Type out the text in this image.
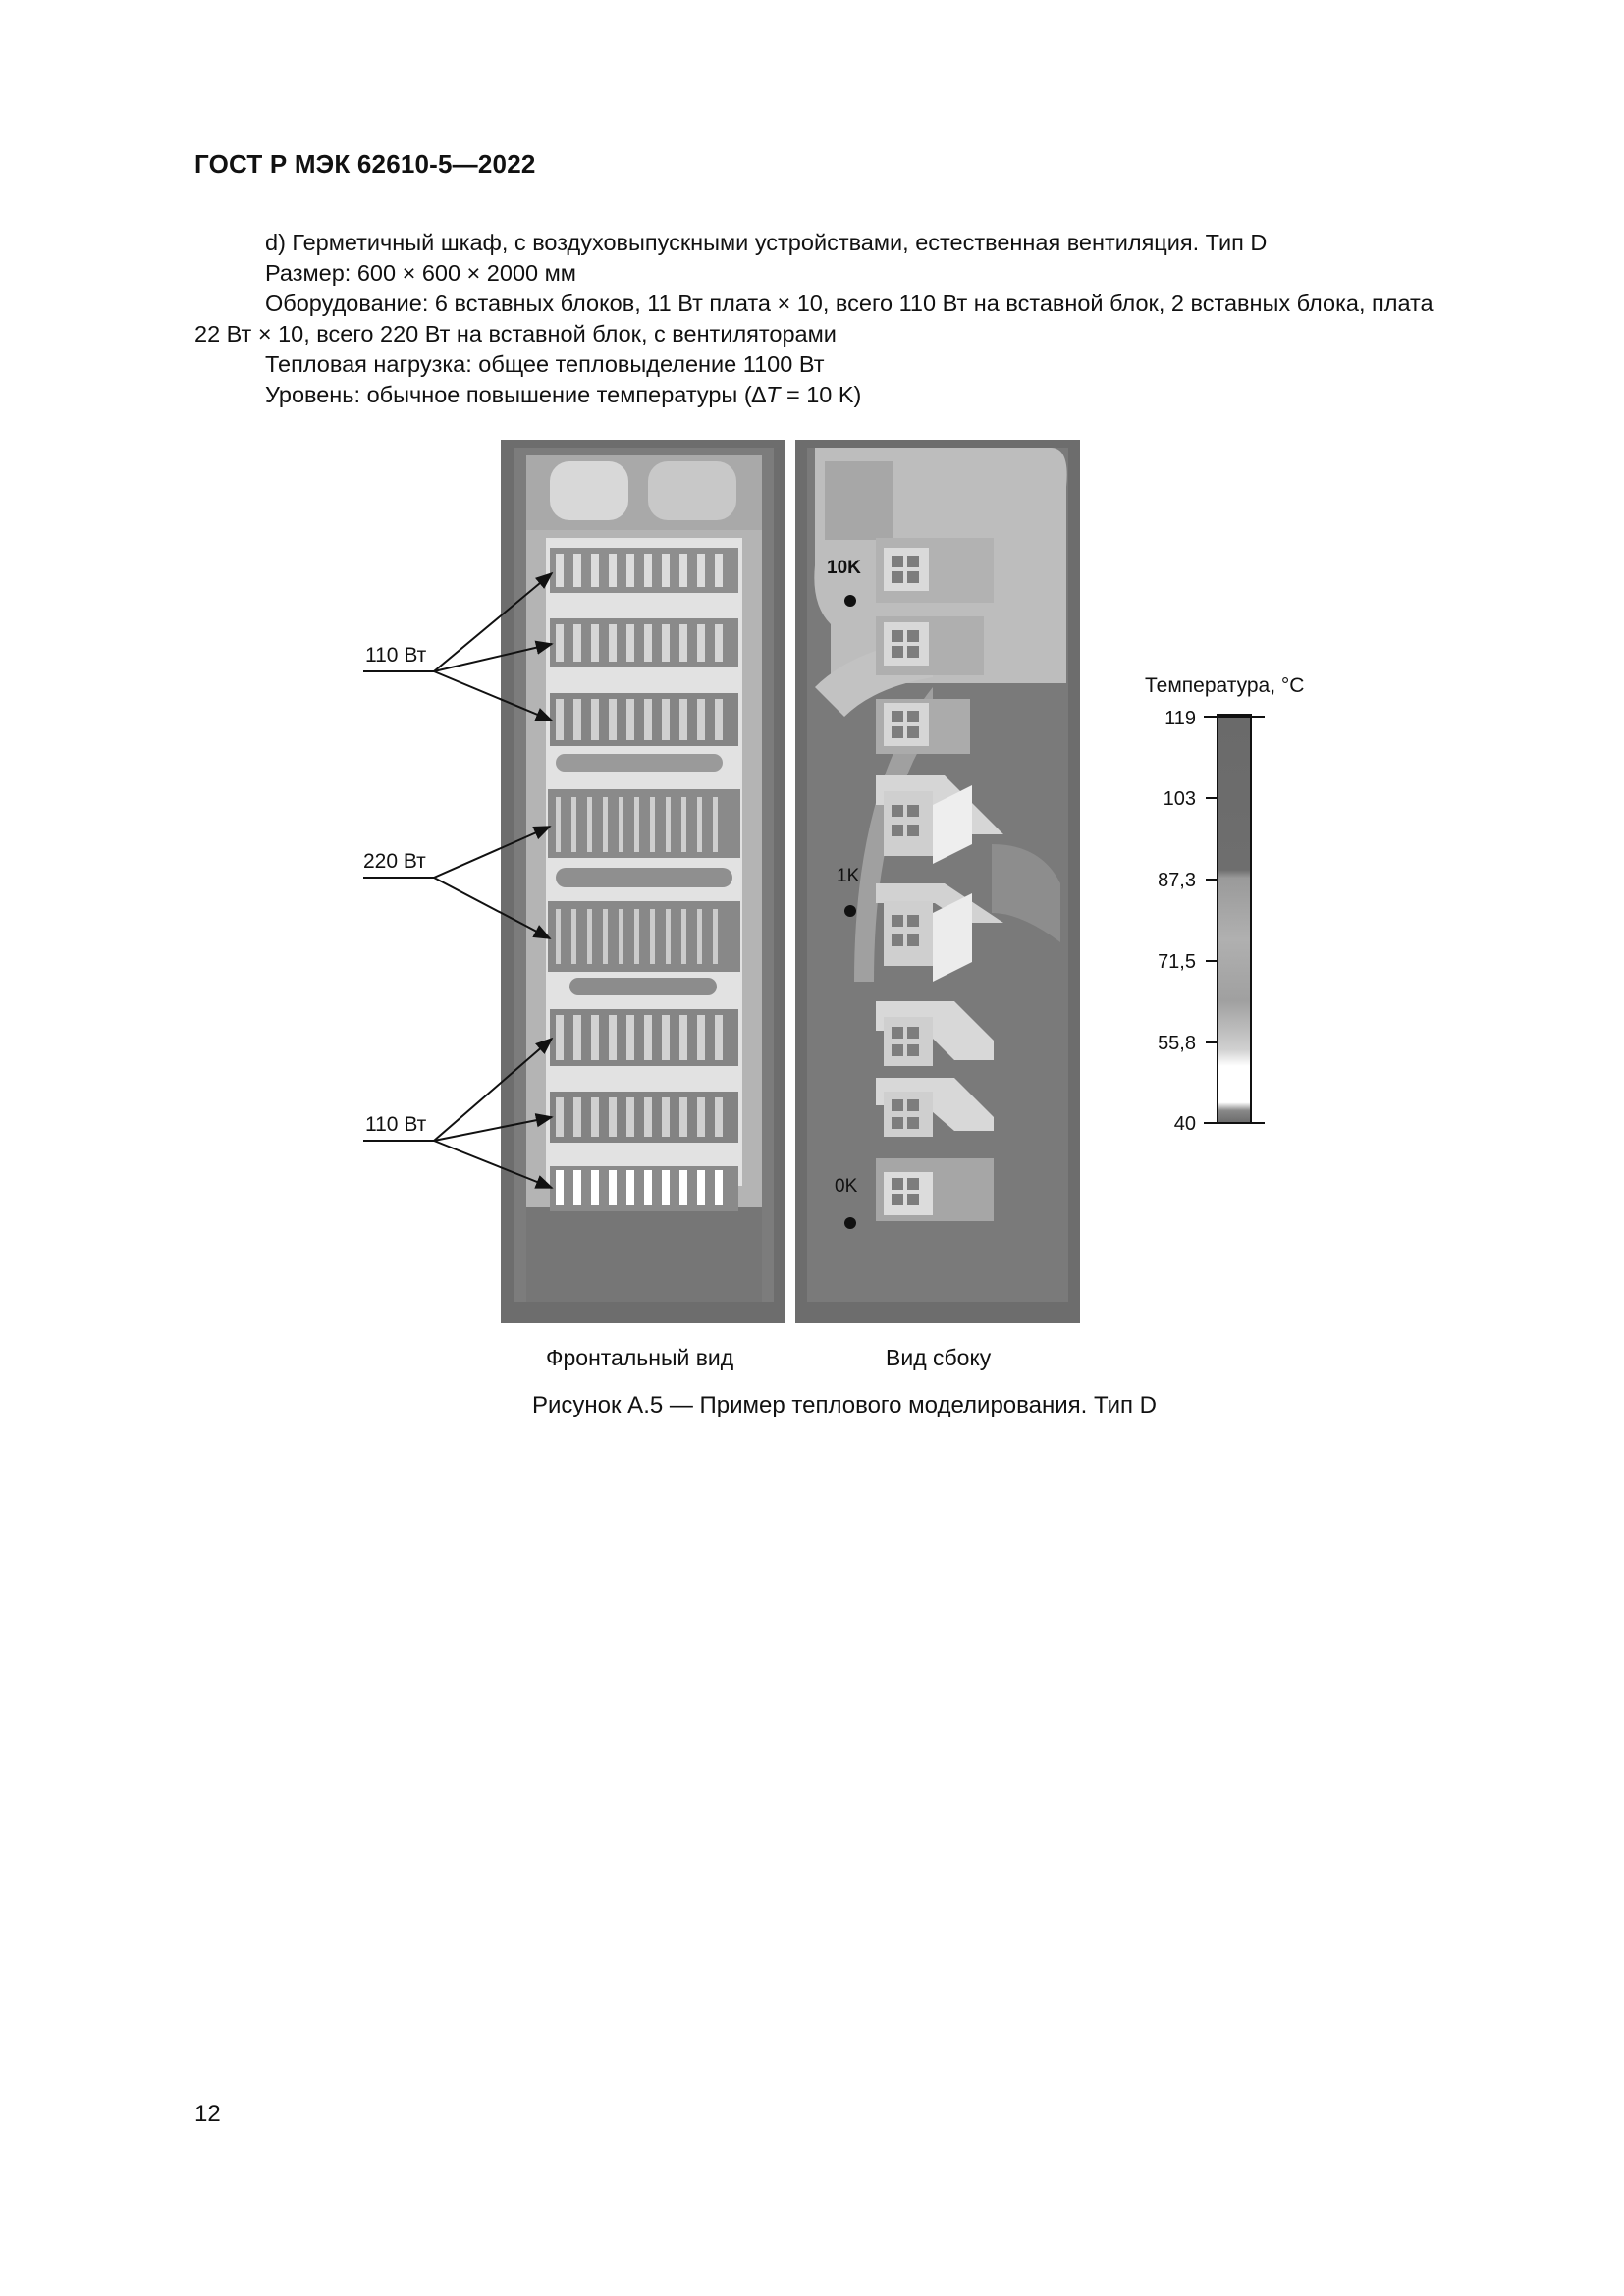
ГОСТ Р МЭК 62610-5—2022
d) Герметичный шкаф, с воздуховыпускными устройствами, естественная вентиляция. Тип D
Размер: 600 × 600 × 2000 мм
Оборудование: 6 вставных блоков, 11 Вт плата × 10, всего 110 Вт на вставной блок, 2 вставных блока, плата
22 Вт × 10, всего 220 Вт на вставной блок, с вентиляторами
Тепловая нагрузка: общее тепловыделение 1100 Вт
Уровень: обычное повышение температуры (∆T = 10 K)
10K
1K
0K
110 Вт
220 Вт
110 Вт
Температура, °C
119
103
87,3
71,5
55,8
40
Фронтальный вид	Вид сбоку
Рисунок А.5 — Пример теплового моделирования. Тип D
12
